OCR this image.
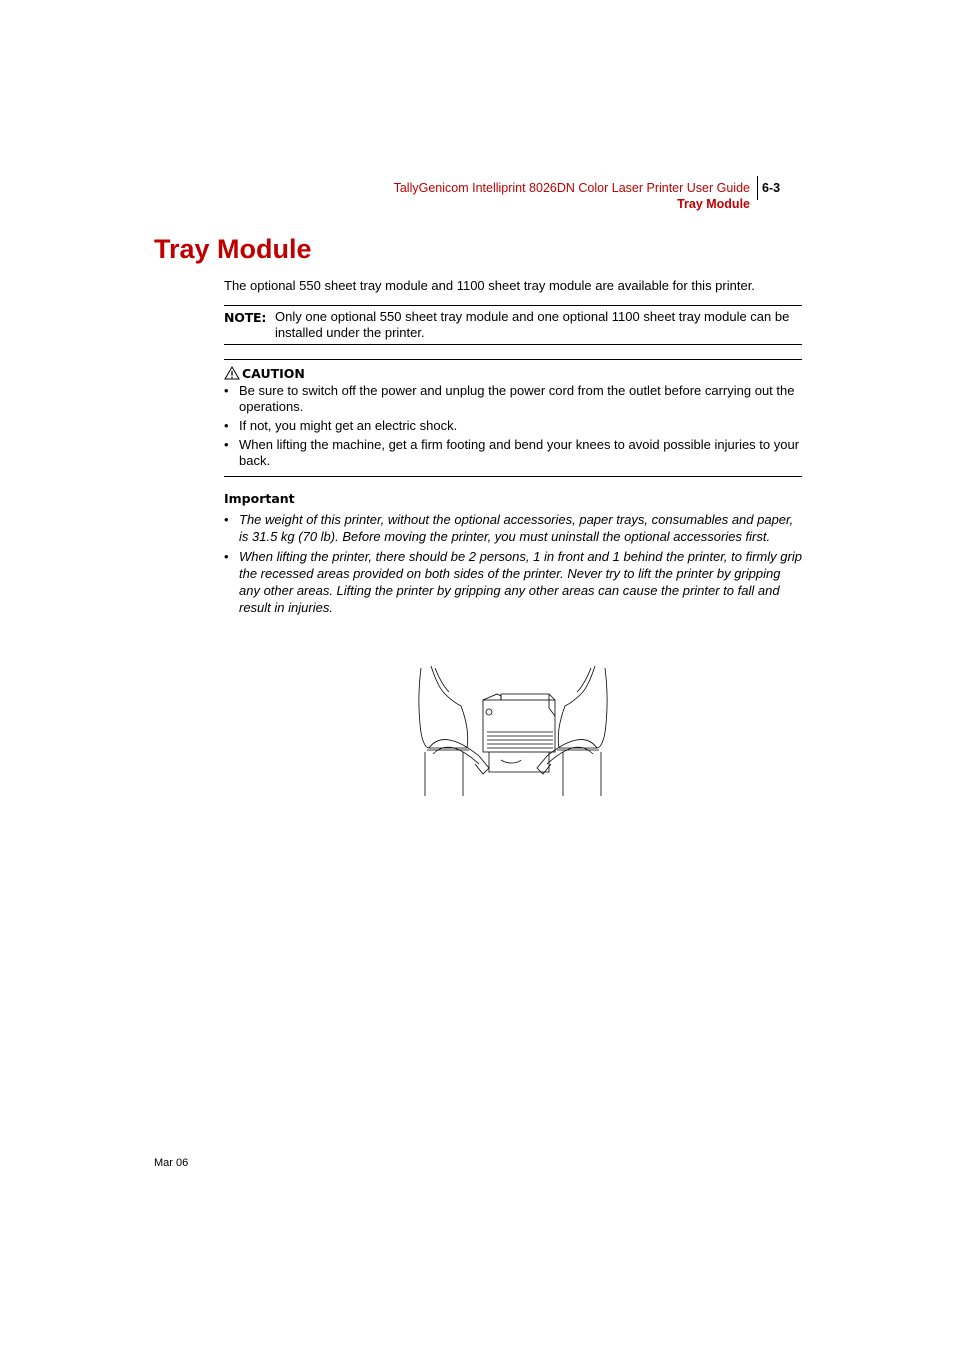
TallyGenicom Intelliprint 8026DN Color Laser Printer User Guide
Tray Module
6-3
Tray Module

The optional 550 sheet tray module and 1100 sheet tray module are available for this printer.

NOTE: Only one optional 550 sheet tray module and one optional 1100 sheet tray module can be installed under the printer.
CAUTION
• Be sure to switch off the power and unplug the power cord from the outlet before carrying out the operations.
• If not, you might get an electric shock.
• When lifting the machine, get a firm footing and bend your knees to avoid possible injuries to your back.
Important
• The weight of this printer, without the optional accessories, paper trays, consumables and paper, is 31.5 kg (70 lb). Before moving the printer, you must uninstall the optional accessories first.
• When lifting the printer, there should be 2 persons, 1 in front and 1 behind the printer, to firmly grip the recessed areas provided on both sides of the printer. Never try to lift the printer by gripping any other areas. Lifting the printer by gripping any other areas can cause the printer to fall and result in injuries.
Mar 06
